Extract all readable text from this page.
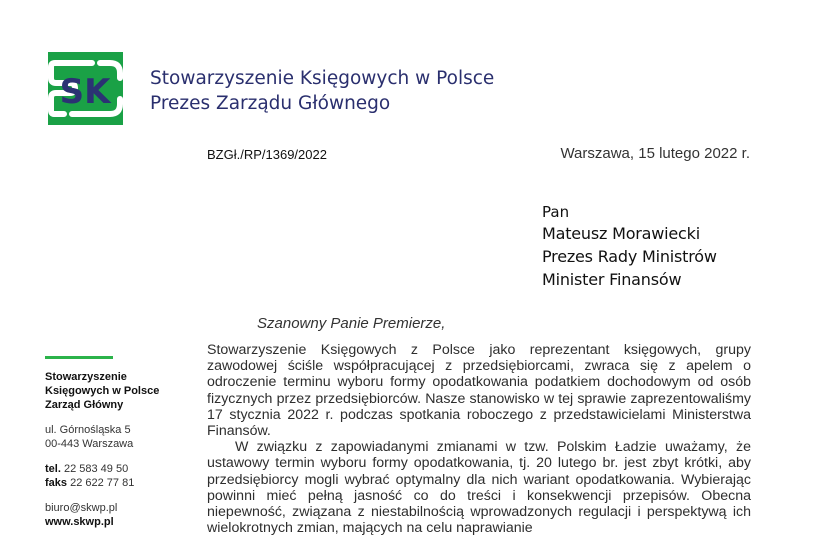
SK Stowarzyszenie Księgowych w Polsce
Prezes Zarządu Głównego
BZGł./RP/1369/2022	Warszawa, 15 lutego 2022 r.
Pan
Mateusz Morawiecki
Prezes Rady Ministrów
Minister Finansów
Szanowny Panie Premierze,
Stowarzyszenie
Księgowych w Polsce
Zarząd Główny
ul. Górnośląska 5
00-443 Warszawa
tel. 22 583 49 50
faks 22 622 77 81
biuro@skwp.pl
www.skwp.pl

Stowarzyszenie Księgowych z Polsce jako reprezentant księgowych, grupy zawodowej ściśle współpracującej z przedsiębiorcami, zwraca się z apelem o odroczenie terminu wyboru formy opodatkowania podatkiem dochodowym od osób fizycznych przez przedsiębiorców. Nasze stanowisko w tej sprawie zaprezentowaliśmy 17 stycznia 2022 r. podczas spotkania roboczego z przedstawicielami Ministerstwa Finansów.

W związku z zapowiadanymi zmianami w tzw. Polskim Ładzie uważamy, że ustawowy termin wyboru formy opodatkowania, tj. 20 lutego br. jest zbyt krótki, aby przedsiębiorcy mogli wybrać optymalny dla nich wariant opodatkowania. Wybierając powinni mieć pełną jasność co do treści i konsekwencji przepisów. Obecna niepewność, związana z niestabilnością wprowadzonych regulacji i perspektywą ich wielokrotnych zmian, mających na celu naprawianie
